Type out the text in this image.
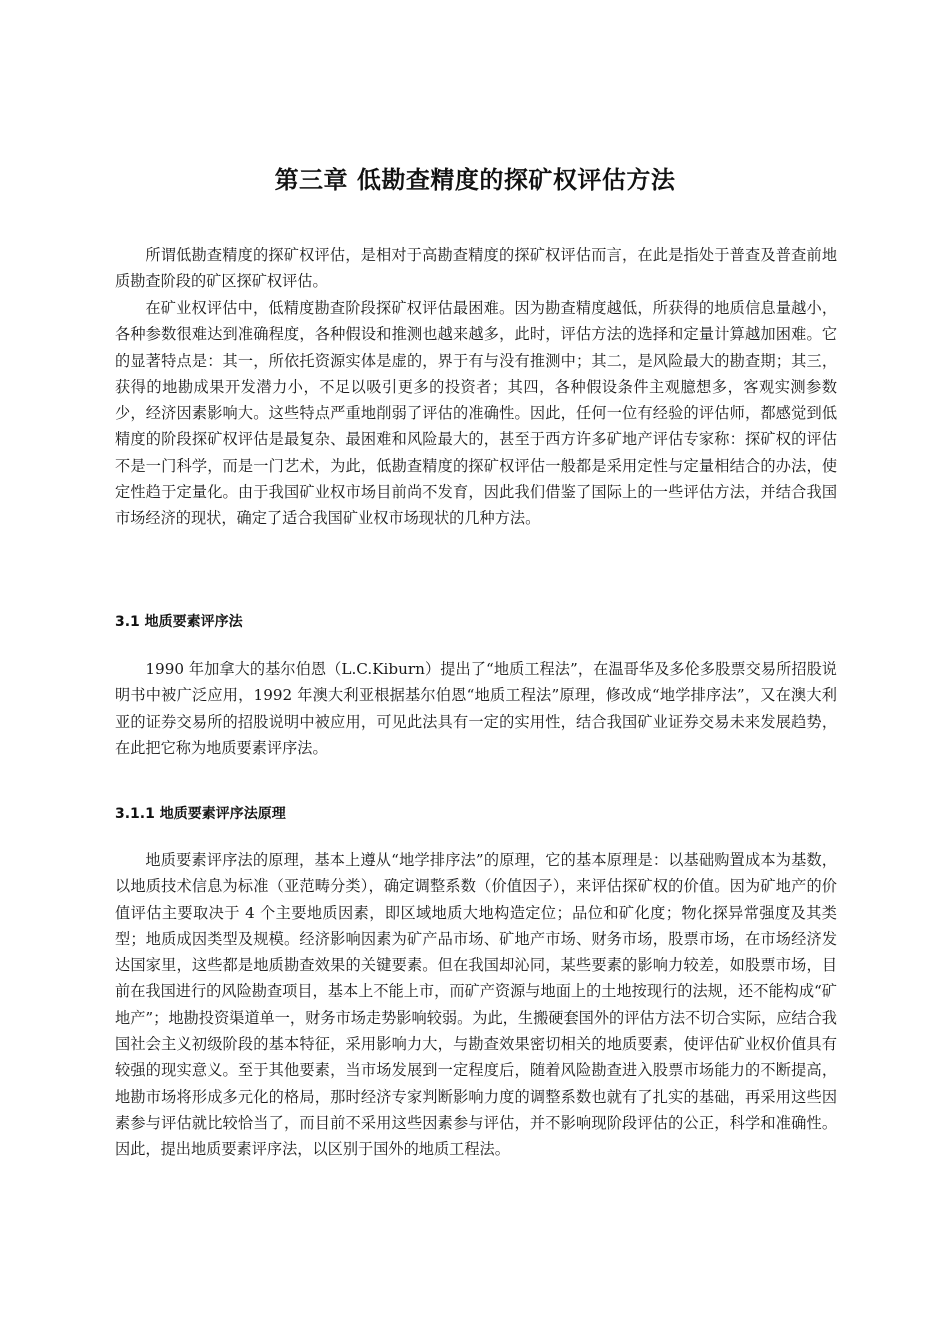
第三章 低勘查精度的探矿权评估方法

所谓低勘查精度的探矿权评估，是相对于高勘查精度的探矿权评估而言，在此是指处于普查及普查前地质勘查阶段的矿区探矿权评估。

在矿业权评估中，低精度勘查阶段探矿权评估最困难。因为勘查精度越低，所获得的地质信息量越小，各种参数很难达到准确程度，各种假设和推测也越来越多，此时，评估方法的选择和定量计算越加困难。它的显著特点是：其一，所依托资源实体是虚的，界于有与没有推测中；其二，是风险最大的勘查期；其三，获得的地勘成果开发潜力小，不足以吸引更多的投资者；其四，各种假设条件主观臆想多，客观实测参数少，经济因素影响大。这些特点严重地削弱了评估的准确性。因此，任何一位有经验的评估师，都感觉到低精度的阶段探矿权评估是最复杂、最困难和风险最大的，甚至于西方许多矿地产评估专家称：探矿权的评估不是一门科学，而是一门艺术，为此，低勘查精度的探矿权评估一般都是采用定性与定量相结合的办法，使定性趋于定量化。由于我国矿业权市场目前尚不发育，因此我们借鉴了国际上的一些评估方法，并结合我国市场经济的现状，确定了适合我国矿业权市场现状的几种方法。

3.1 地质要素评序法

1990 年加拿大的基尔伯恩（L.C.Kiburn）提出了“地质工程法”，在温哥华及多伦多股票交易所招股说明书中被广泛应用，1992 年澳大利亚根据基尔伯恩“地质工程法”原理，修改成“地学排序法”，又在澳大利亚的证券交易所的招股说明中被应用，可见此法具有一定的实用性，结合我国矿业证券交易未来发展趋势，在此把它称为地质要素评序法。

3.1.1 地质要素评序法原理

地质要素评序法的原理，基本上遵从“地学排序法”的原理，它的基本原理是：以基础购置成本为基数，以地质技术信息为标准（亚范畴分类），确定调整系数（价值因子），来评估探矿权的价值。因为矿地产的价值评估主要取决于 4 个主要地质因素，即区域地质大地构造定位；品位和矿化度；物化探异常强度及其类型；地质成因类型及规模。经济影响因素为矿产品市场、矿地产市场、财务市场，股票市场，在市场经济发达国家里，这些都是地质勘查效果的关键要素。但在我国却沁同，某些要素的影响力较差，如股票市场，目前在我国进行的风险勘查项目，基本上不能上市，而矿产资源与地面上的土地按现行的法规，还不能构成“矿地产”；地勘投资渠道单一，财务市场走势影响较弱。为此，生搬硬套国外的评估方法不切合实际，应结合我国社会主义初级阶段的基本特征，采用影响力大，与勘查效果密切相关的地质要素，使评估矿业权价值具有较强的现实意义。至于其他要素，当市场发展到一定程度后，随着风险勘查进入股票市场能力的不断提高，地勘市场将形成多元化的格局，那时经济专家判断影响力度的调整系数也就有了扎实的基础，再采用这些因素参与评估就比较恰当了，而目前不采用这些因素参与评估，并不影响现阶段评估的公正，科学和准确性。因此，提出地质要素评序法，以区别于国外的地质工程法。
